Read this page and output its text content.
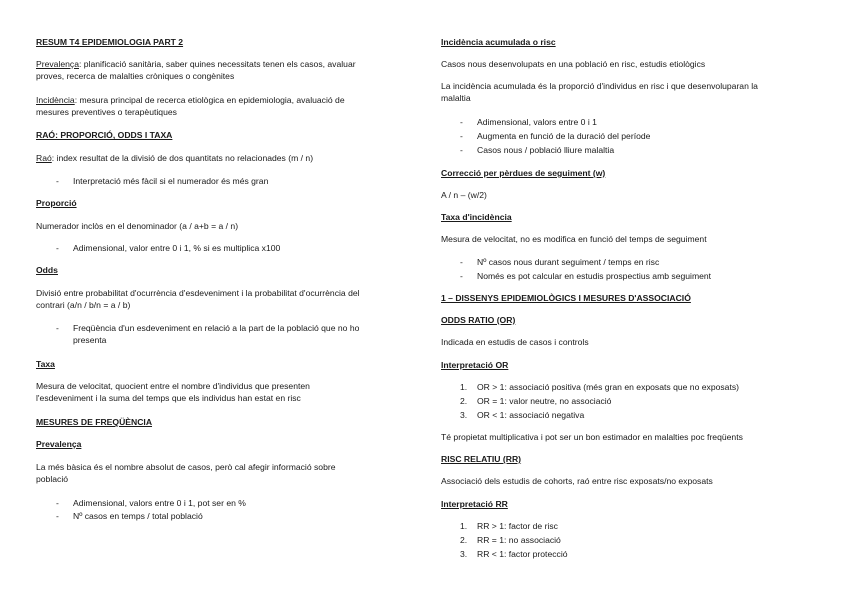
RESUM T4 EPIDEMIOLOGIA PART 2
Prevalença: planificació sanitària, saber quines necessitats tenen els casos, avaluar
proves, recerca de malalties cròniques o congènites
Incidència: mesura principal de recerca etiològica en epidemiologia, avaluació de
mesures preventives o terapèutiques
RAÓ: PROPORCIÓ, ODDS I TAXA
Raó: index resultat de la divisió de dos quantitats no relacionades (m / n)
- Interpretació més fàcil si el numerador és més gran
Proporció
Numerador inclòs en el denominador (a / a+b = a / n)
- Adimensional, valor entre 0 i 1, % si es multiplica x100
Odds
Divisió entre probabilitat d'ocurrència d'esdeveniment i la probabilitat d'ocurrència del
contrari (a/n / b/n = a / b)
- Freqüència d'un esdeveniment en relació a la part de la població que no ho
presenta
Taxa
Mesura de velocitat, quocient entre el nombre d'individus que presenten
l'esdeveniment i la suma del temps que els individus han estat en risc
MESURES DE FREQÜÈNCIA
Prevalença
La més bàsica és el nombre absolut de casos, però cal afegir informació sobre
població
- Adimensional, valors entre 0 i 1, pot ser en %
- Nº casos en temps / total població
Incidència acumulada o risc
Casos nous desenvolupats en una població en risc, estudis etiològics
La incidència acumulada és la proporció d'individus en risc i que desenvoluparan la
malaltia
- Adimensional, valors entre 0 i 1
- Augmenta en funció de la duració del període
- Casos nous / població lliure malaltia
Correcció per pèrdues de seguiment (w)
A / n – (w/2)
Taxa d'incidència
Mesura de velocitat, no es modifica en funció del temps de seguiment
- Nº casos nous durant seguiment / temps en risc
- Només es pot calcular en estudis prospectius amb seguiment
1 – DISSENYS EPIDEMIOLÒGICS I MESURES D'ASSOCIACIÓ
ODDS RATIO (OR)
Indicada en estudis de casos i controls
Interpretació OR
1. OR > 1: associació positiva (més gran en exposats que no exposats)
2. OR = 1: valor neutre, no associació
3. OR < 1: associació negativa
Té propietat multiplicativa i pot ser un bon estimador en malalties poc freqüents
RISC RELATIU (RR)
Associació dels estudis de cohorts, raó entre risc exposats/no exposats
Interpretació RR
1. RR > 1: factor de risc
2. RR = 1: no associació
3. RR < 1: factor protecció
